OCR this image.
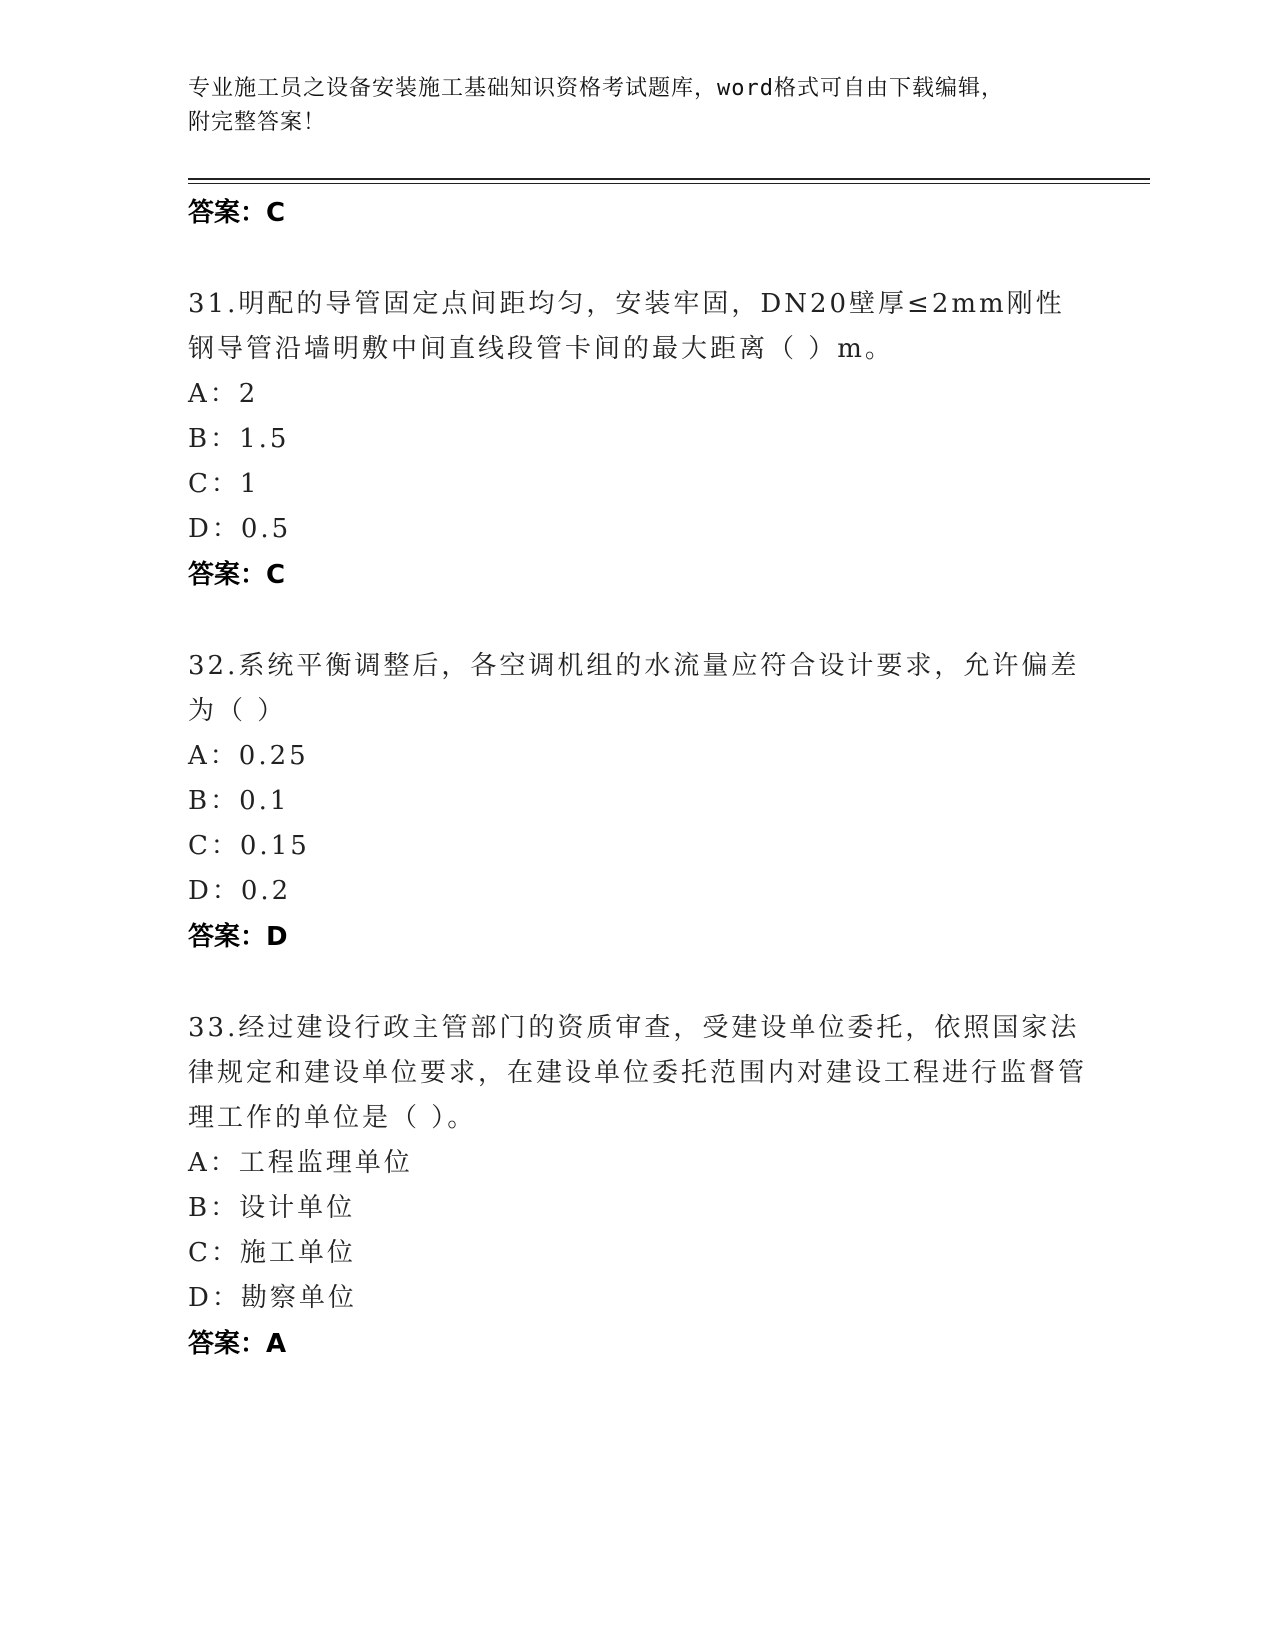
专业施工员之设备安装施工基础知识资格考试题库，word格式可自由下载编辑，
附完整答案！
答案：C
31.明配的导管固定点间距均匀，安装牢固，DN20壁厚≤2mm刚性钢导管沿墙明敷中间直线段管卡间的最大距离（ ）m。
A：2
B：1.5
C：1
D：0.5
答案：C
32.系统平衡调整后，各空调机组的水流量应符合设计要求，允许偏差为（ ）
A：0.25
B：0.1
C：0.15
D：0.2
答案：D
33.经过建设行政主管部门的资质审查，受建设单位委托，依照国家法律规定和建设单位要求，在建设单位委托范围内对建设工程进行监督管理工作的单位是（ ）。
A：工程监理单位
B：设计单位
C：施工单位
D：勘察单位
答案：A
